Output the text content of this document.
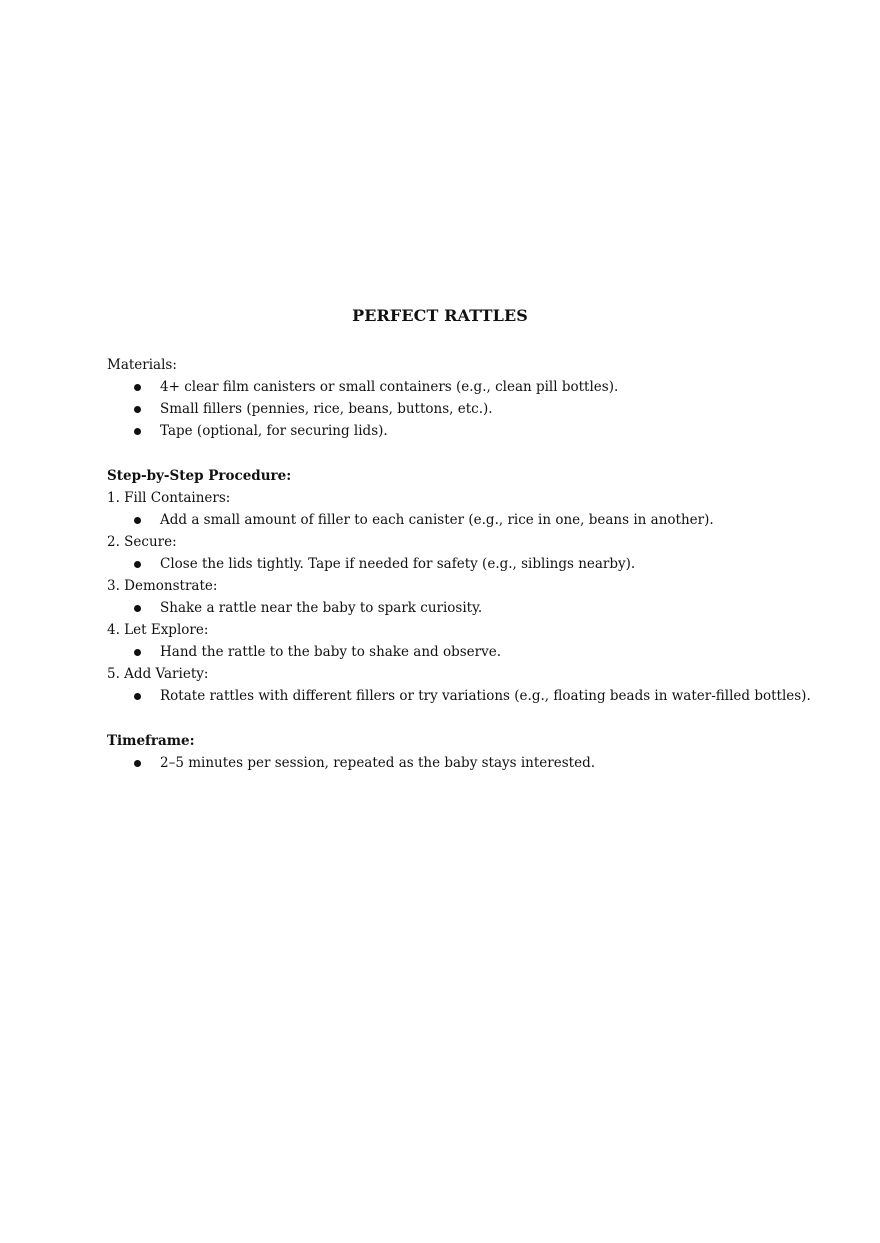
PERFECT RATTLES
Materials:
4+ clear film canisters or small containers (e.g., clean pill bottles).
Small fillers (pennies, rice, beans, buttons, etc.).
Tape (optional, for securing lids).
Step-by-Step Procedure:
1. Fill Containers:
Add a small amount of filler to each canister (e.g., rice in one, beans in another).
2. Secure:
Close the lids tightly. Tape if needed for safety (e.g., siblings nearby).
3. Demonstrate:
Shake a rattle near the baby to spark curiosity.
4. Let Explore:
Hand the rattle to the baby to shake and observe.
5. Add Variety:
Rotate rattles with different fillers or try variations (e.g., floating beads in water-filled bottles).
Timeframe:
2–5 minutes per session, repeated as the baby stays interested.
